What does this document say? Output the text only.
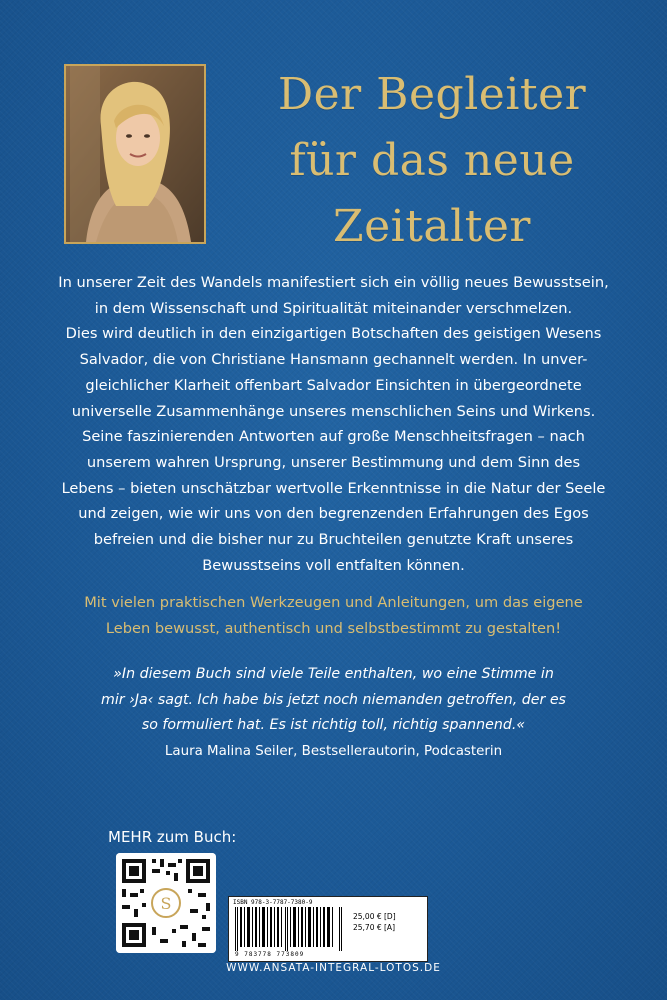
Der Begleiter
für das neue
Zeitalter
In unserer Zeit des Wandels manifestiert sich ein völlig neues Bewusstsein,
in dem Wissenschaft und Spiritualität miteinander verschmelzen.
Dies wird deutlich in den einzigartigen Botschaften des geistigen Wesens
Salvador, die von Christiane Hansmann gechannelt werden. In unver-
gleichlicher Klarheit offenbart Salvador Einsichten in übergeordnete
universelle Zusammenhänge unseres menschlichen Seins und Wirkens.
Seine faszinierenden Antworten auf große Menschheitsfragen – nach
unserem wahren Ursprung, unserer Bestimmung und dem Sinn des
Lebens – bieten unschätzbar wertvolle Erkenntnisse in die Natur der Seele
und zeigen, wie wir uns von den begrenzenden Erfahrungen des Egos
befreien und die bisher nur zu Bruchteilen genutzte Kraft unseres
Bewusstseins voll entfalten können.
Mit vielen praktischen Werkzeugen und Anleitungen, um das eigene
Leben bewusst, authentisch und selbstbestimmt zu gestalten!
»In diesem Buch sind viele Teile enthalten, wo eine Stimme in
mir ›Ja‹ sagt. Ich habe bis jetzt noch niemanden getroffen, der es
so formuliert hat. Es ist richtig toll, richtig spannend.«
Laura Malina Seiler, Bestsellerautorin, Podcasterin
MEHR zum Buch:
S	ISBN 978-3-7787-7380-9
9 783778 773809
25,00 € [D]
25,70 € [A]
WWW.ANSATA-INTEGRAL-LOTOS.DE
